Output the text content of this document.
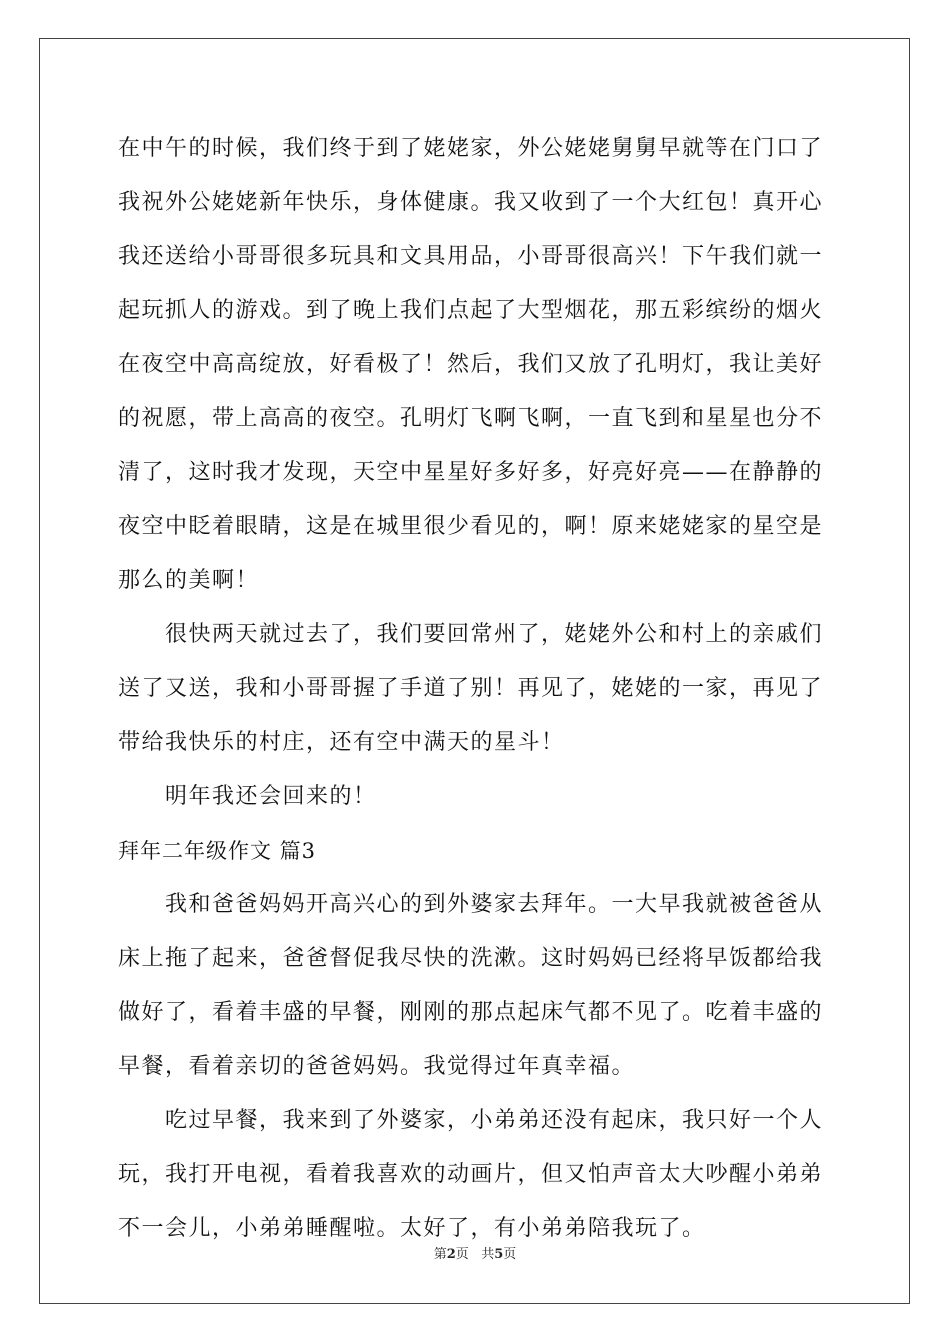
在中午的时候，我们终于到了姥姥家，外公姥姥舅舅早就等在门口了
我祝外公姥姥新年快乐，身体健康。我又收到了一个大红包！真开心
我还送给小哥哥很多玩具和文具用品，小哥哥很高兴！下午我们就一
起玩抓人的游戏。到了晚上我们点起了大型烟花，那五彩缤纷的烟火
在夜空中高高绽放，好看极了！然后，我们又放了孔明灯，我让美好
的祝愿，带上高高的夜空。孔明灯飞啊飞啊，一直飞到和星星也分不
清了，这时我才发现，天空中星星好多好多，好亮好亮——在静静的
夜空中眨着眼睛，这是在城里很少看见的，啊！原来姥姥家的星空是
那么的美啊！
很快两天就过去了，我们要回常州了，姥姥外公和村上的亲戚们
送了又送，我和小哥哥握了手道了别！再见了，姥姥的一家，再见了
带给我快乐的村庄，还有空中满天的星斗！
明年我还会回来的！
拜年二年级作文 篇3
我和爸爸妈妈开高兴心的到外婆家去拜年。一大早我就被爸爸从
床上拖了起来，爸爸督促我尽快的洗漱。这时妈妈已经将早饭都给我
做好了，看着丰盛的早餐，刚刚的那点起床气都不见了。吃着丰盛的
早餐，看着亲切的爸爸妈妈。我觉得过年真幸福。
吃过早餐，我来到了外婆家，小弟弟还没有起床，我只好一个人
玩，我打开电视，看着我喜欢的动画片，但又怕声音太大吵醒小弟弟
不一会儿，小弟弟睡醒啦。太好了，有小弟弟陪我玩了。
第2页 共5页
